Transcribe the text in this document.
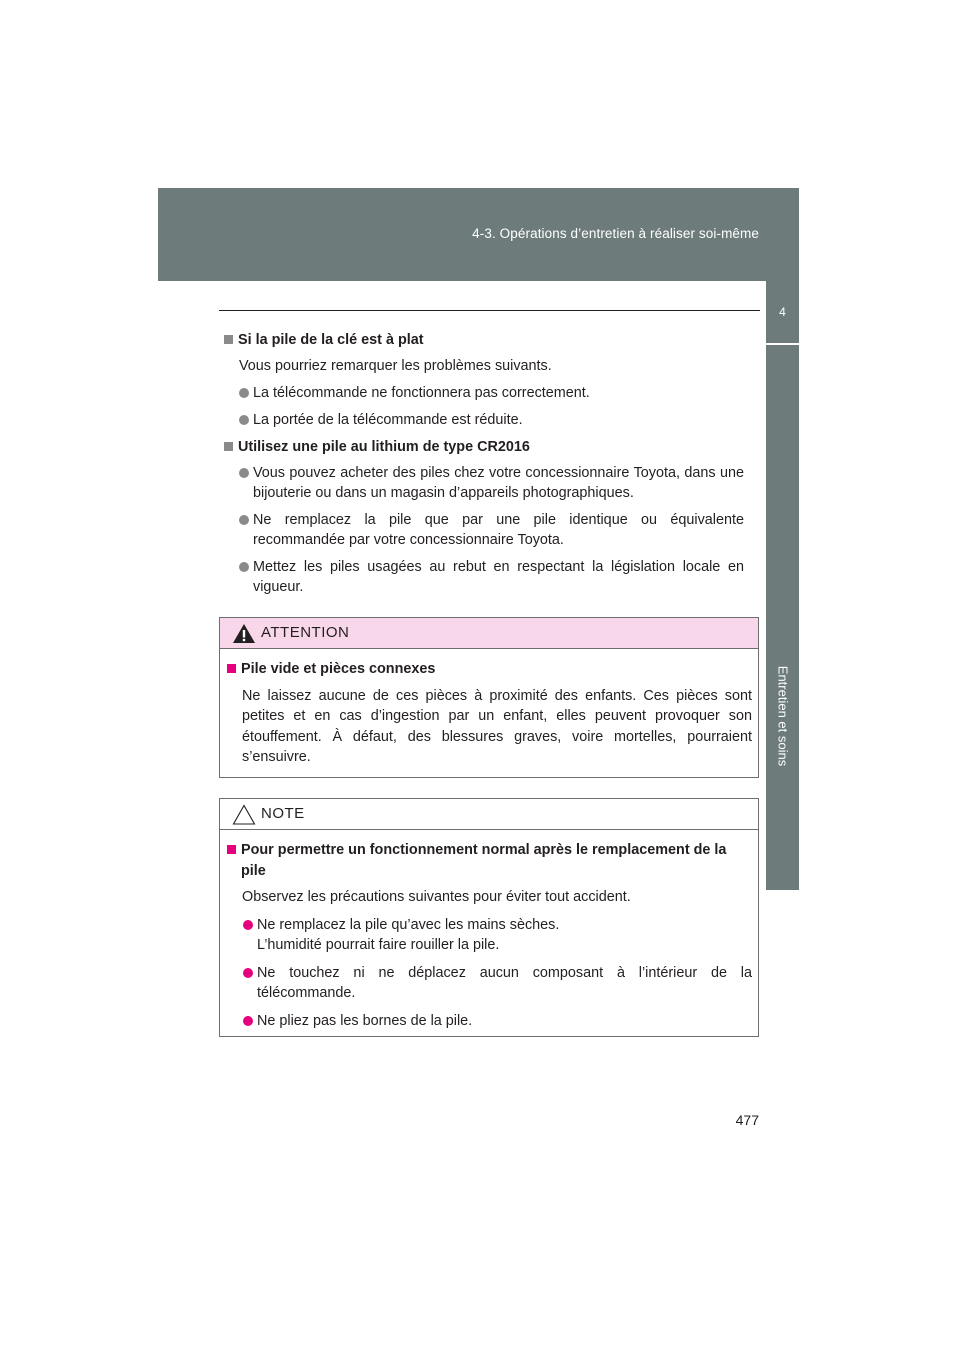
4-3. Opérations d’entretien à réaliser soi-même
4
Entretien et soins
Si la pile de la clé est à plat
Vous pourriez remarquer les problèmes suivants.
La télécommande ne fonctionnera pas correctement.
La portée de la télécommande est réduite.
Utilisez une pile au lithium de type CR2016
Vous pouvez acheter des piles chez votre concessionnaire Toyota, dans une bijouterie ou dans un magasin d’appareils photographiques.
Ne remplacez la pile que par une pile identique ou équivalente recommandée par votre concessionnaire Toyota.
Mettez les piles usagées au rebut en respectant la législation locale en vigueur.
ATTENTION
Pile vide et pièces connexes
Ne laissez aucune de ces pièces à proximité des enfants. Ces pièces sont petites et en cas d’ingestion par un enfant, elles peuvent provoquer son étouffement. À défaut, des blessures graves, voire mortelles, pourraient s’ensuivre.
NOTE
Pour permettre un fonctionnement normal après le remplacement de la pile
Observez les précautions suivantes pour éviter tout accident.
Ne remplacez la pile qu’avec les mains sèches.
L’humidité pourrait faire rouiller la pile.
Ne touchez ni ne déplacez aucun composant à l’intérieur de la télécommande.
Ne pliez pas les bornes de la pile.
477
